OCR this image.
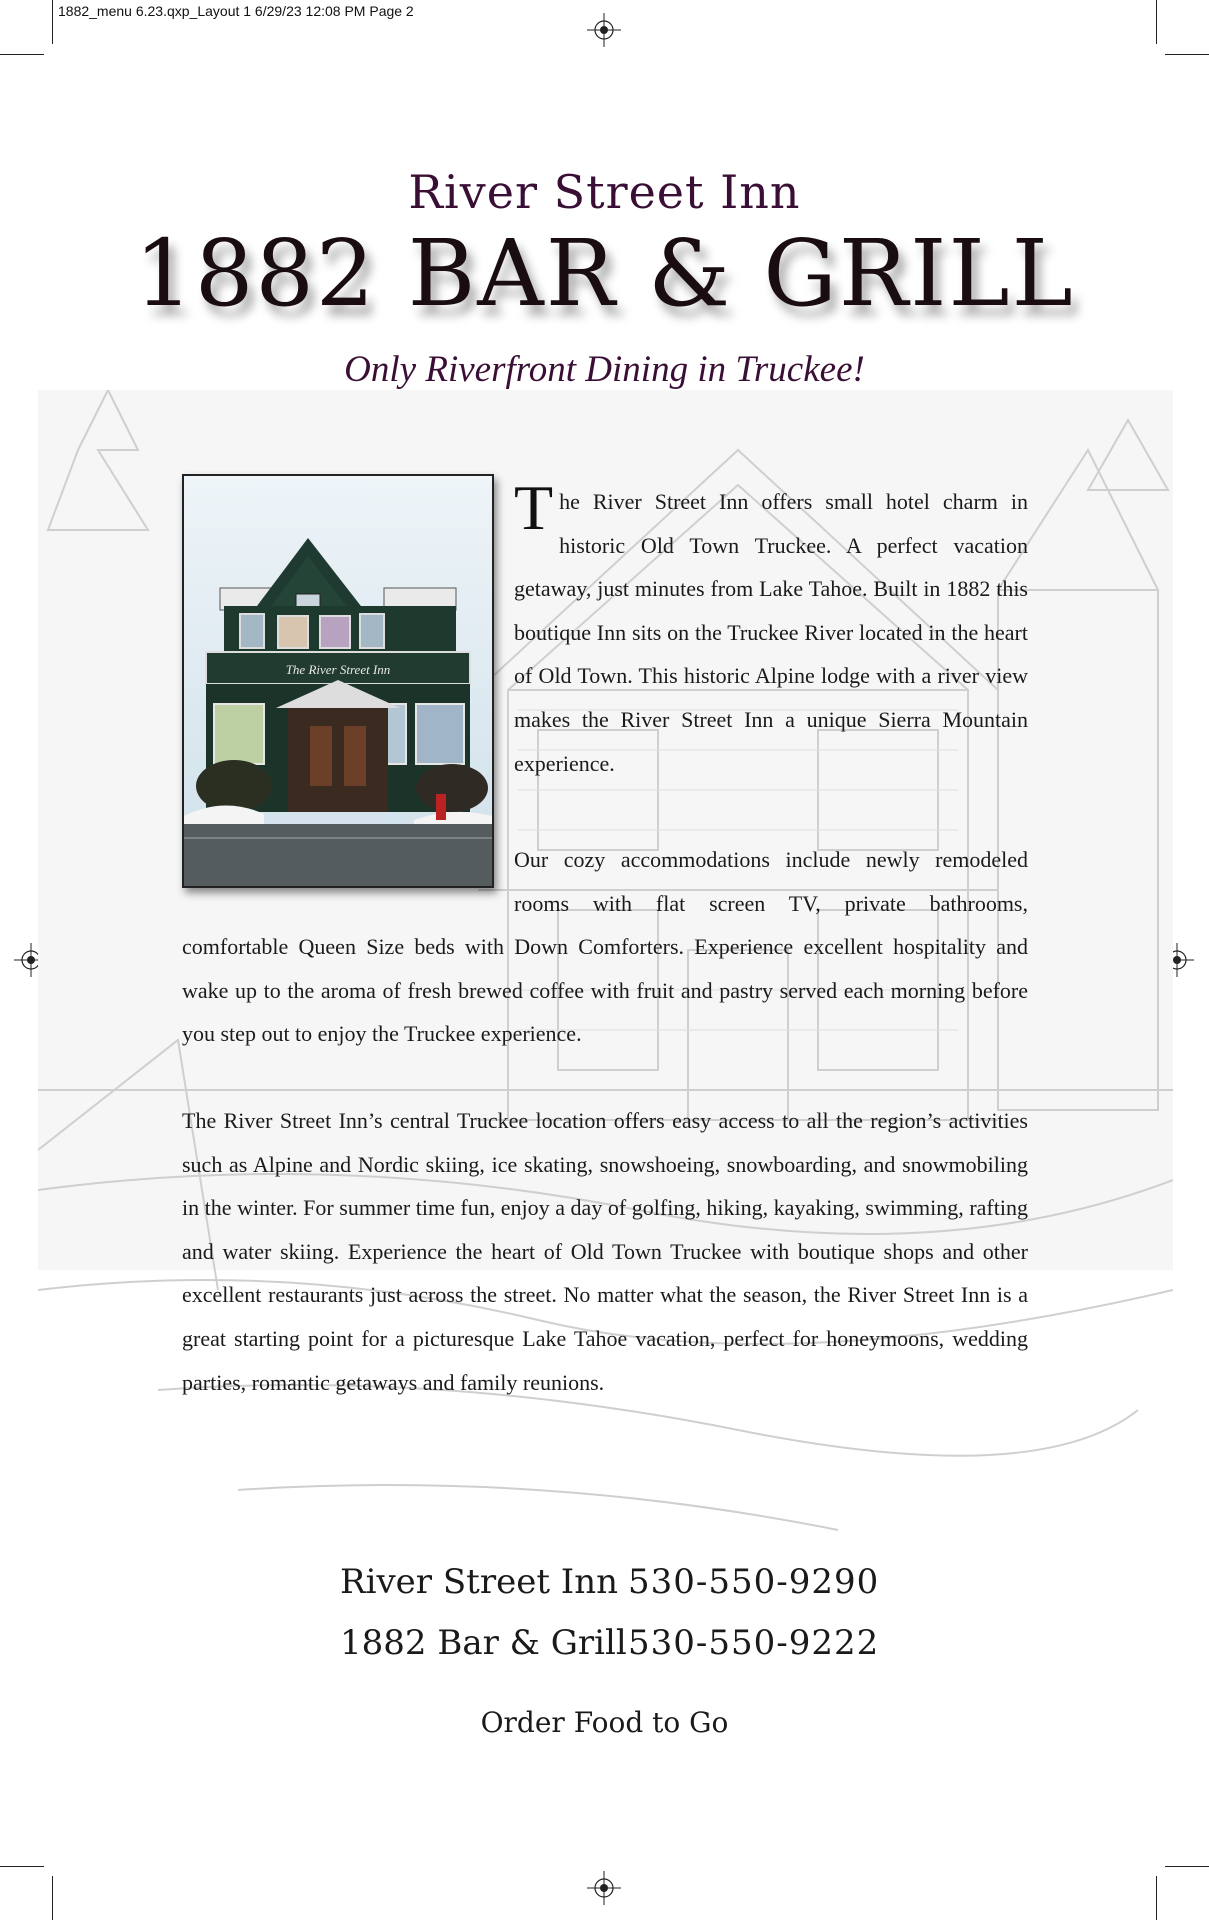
1882_menu 6.23.qxp_Layout 1 6/29/23 12:08 PM Page 2
River Street Inn
1882 BAR & GRILL
Only Riverfront Dining in Truckee!
The River Street Inn

The River Street Inn offers small hotel charm in historic Old Town Truckee. A perfect vacation getaway, just minutes from Lake Tahoe. Built in 1882 this boutique Inn sits on the Truckee River located in the heart of Old Town. This historic Alpine lodge with a river view makes the River Street Inn a unique Sierra Mountain experience.

Our cozy accommodations include newly remodeled rooms with flat screen TV, private bathrooms,

comfortable Queen Size beds with Down Comforters. Experience excellent hospitality and wake up to the aroma of fresh brewed coffee with fruit and pastry served each morning before you step out to enjoy the Truckee experience.

The River Street Inn’s central Truckee location offers easy access to all the region’s activities such as Alpine and Nordic skiing, ice skating, snowshoeing, snowboarding, and snowmobiling in the winter. For summer time fun, enjoy a day of golfing, hiking, kayaking, swimming, rafting and water skiing. Experience the heart of Old Town Truckee with boutique shops and other excellent restaurants just across the street. No matter what the season, the River Street Inn is a great starting point for a picturesque Lake Tahoe vacation, perfect for honeymoons, wedding parties, romantic getaways and family reunions.

River Street Inn 530-550-9290
1882 Bar & Grill 530-550-9222
Order Food to Go
